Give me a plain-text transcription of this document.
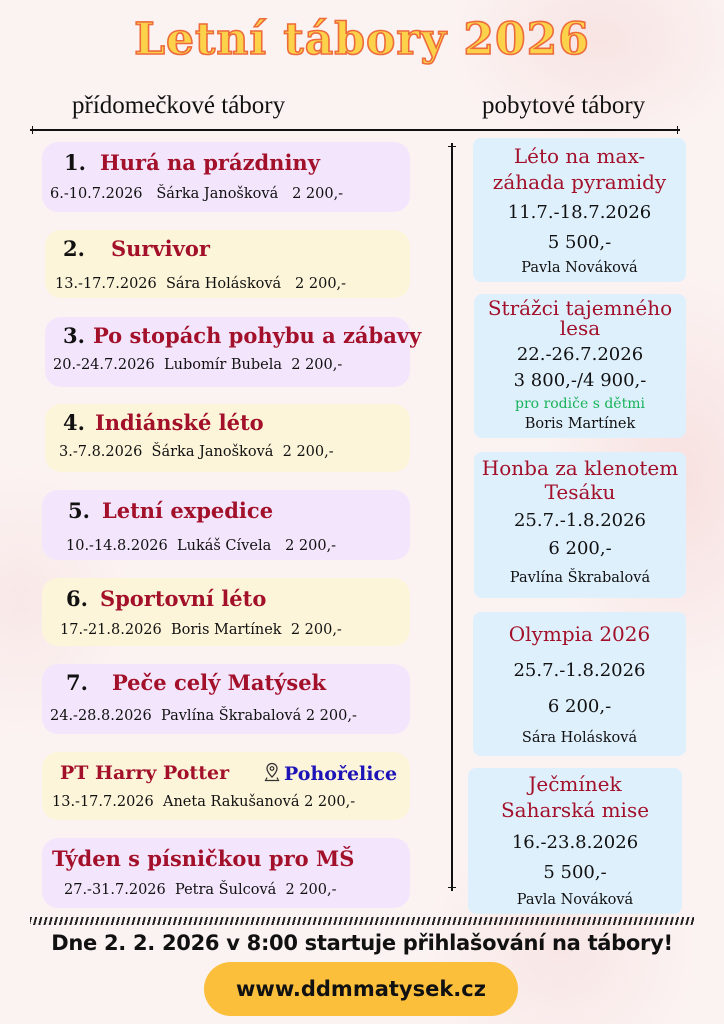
Letní tábory 2026
přídomečkové tábory	pobytové tábory
1. Hurá na prázdniny
6.-10.7.2026 Šárka Janošková 2 200,-
2. Survivor
13.-17.7.2026 Sára Holásková 2 200,-
3. Po stopách pohybu a zábavy
20.-24.7.2026 Lubomír Bubela 2 200,-
4. Indiánské léto
3.-7.8.2026 Šárka Janošková 2 200,-
5. Letní expedice
10.-14.8.2026 Lukáš Cívela 2 200,-
6. Sportovní léto
17.-21.8.2026 Boris Martínek 2 200,-
7. Peče celý Matýsek
24.-28.8.2026 Pavlína Škrabalová 2 200,-
PT Harry Potter	Pohořelice
13.-17.7.2026 Aneta Rakušanová 2 200,-
Týden s písničkou pro MŠ
27.-31.7.2026 Petra Šulcová 2 200,-
Léto na max-
záhada pyramidy
11.7.-18.7.2026
5 500,-
Pavla Nováková
Strážci tajemného
lesa
22.-26.7.2026
3 800,-/4 900,-
pro rodiče s dětmi
Boris Martínek
Honba za klenotem
Tesáku
25.7.-1.8.2026
6 200,-
Pavlína Škrabalová
Olympia 2026
25.7.-1.8.2026
6 200,-
Sára Holásková
Ječmínek
Saharská mise
16.-23.8.2026
5 500,-
Pavla Nováková
Dne 2. 2. 2026 v 8:00 startuje přihlašování na tábory!
www.ddmmatysek.cz
